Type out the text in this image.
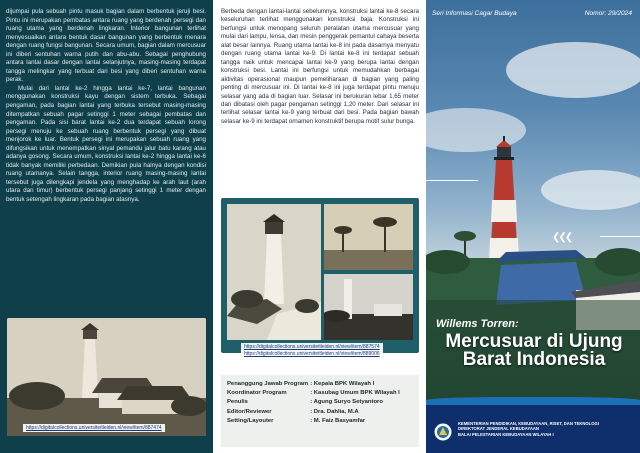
dijumpai pula sebuah pintu masuk bagian dalam berbentuk jeruji besi. Pintu ini merupakan pembatas antara ruang yang berdenah persegi dan ruang utama yang berdenah lingkaran. Interior bangunan terlihat menyesuaikan antara bentuk dasar bangunan yang berbentuk menara dengan ruang fungsi bangunan. Secara umum, bagian dalam mercusuar ini diberi sentuhan warna putih dan abu-abu. Sebagai penghubung antara lantai dasar dengan lantai selanjutnya, masing-masing terdapat tangga melingkar yang terbuat dari besi yang diberi sentuhan warna perak.

Mulai dari lantai ke-2 hingga lantai ke-7, lantai bangunan menggunakan konstruksi kayu dengan sistem terbuka. Sebagai pengaman, pada bagian lantai yang terbuka tersebut masing-masing ditempatkan sebuah pagar setinggi 1 meter sebagai pembatas dan pengaman. Pada sisi barat lantai ke-2 dua terdapat sebuah lorong persegi menuju ke sebuah ruang berbentuk persegi yang dibuat menjorok ke luar. Bentuk persegi ini merupakan sebuah ruang yang difungsikan untuk menempatkan sinyal pemandu jalur batu karang atau adanya gosong. Secara umum, konstruksi lantai ke-2 hingga lantai ke-6 tidak banyak memiliki perbedaan. Demikian pula halnya dengan kondisi ruang utamanya. Selain tangga, interior ruang masing-masing lantai tersebut juga dilengkapi jendela yang menghadap ke arah laut (arah utara dan timur) berbentuk persegi panjang setinggi 1 meter dengan bentuk setengah lingkaran pada bagian atasnya.

https://digitalcollections.universiteitleiden.nl/view/item/887474

Berbeda dengan lantai-lantai sebelumnya, konstruksi lantai ke-8 secara keseluruhan terlihat menggunakan konstruksi baja. Konstruksi ini berfungsi untuk menopang seluruh peralatan utama mercusuar yang mulai dari lampu, lensa, dan mesin penggerak pemantul cahaya beserta alat besar lainnya. Ruang utama lantai ke-8 ini pada dasarnya menyatu dengan ruang utama lantai ke-9. Di lantai ke-8 ini terdapat sebuah tangga naik untuk mencapai lantai ke-9 yang berupa lantai dengan konstruksi besi. Lantai ini berfungsi untuk memudahkan berbagai aktivitas operasional maupun pemeliharaan di bagian yang paling penting di mercusuar ini. Di lantai ke-8 ini juga terdapat pintu menuju selasar yang ada di bagian luar. Selasar ini berukuran lebar 1,65 meter dan dibatasi oleh pagar pengaman setinggi 1,20 meter. Dari selasar ini terlihat selasar lantai ke-9 yang terbuat dari besi. Pada bagian bawah selasar ke-9 ini terdapat ornamen konstruktif berupa motif sulur bunga.

https://digitalcollections.universiteitleiden.nl/view/item/887574
https://digitalcollections.universiteitleiden.nl/view/item/889006
Penanggung Jawab Program	: Kepala BPK Wilayah I
Koordinator Program	: Kasubag Umum BPK Wilayah I
Penulis	: Agung Suryo Setyantoro
Editor/Reviewer	: Dra. Dahlia, M.A
Setting/Layouter	: M. Faiz Basyamfar
Seri Informasi Cagar Budaya	Nomor: 29/2024
❮❮❮
Willems Torren:
Mercusuar di Ujung
Barat Indonesia
KEMENTERIAN PENDIDIKAN, KEBUDAYAAN, RISET, DAN TEKNOLOGI
DIREKTORAT JENDERAL KEBUDAYAAN
BALAI PELESTARIAN KEBUDAYAAN WILAYAH I
